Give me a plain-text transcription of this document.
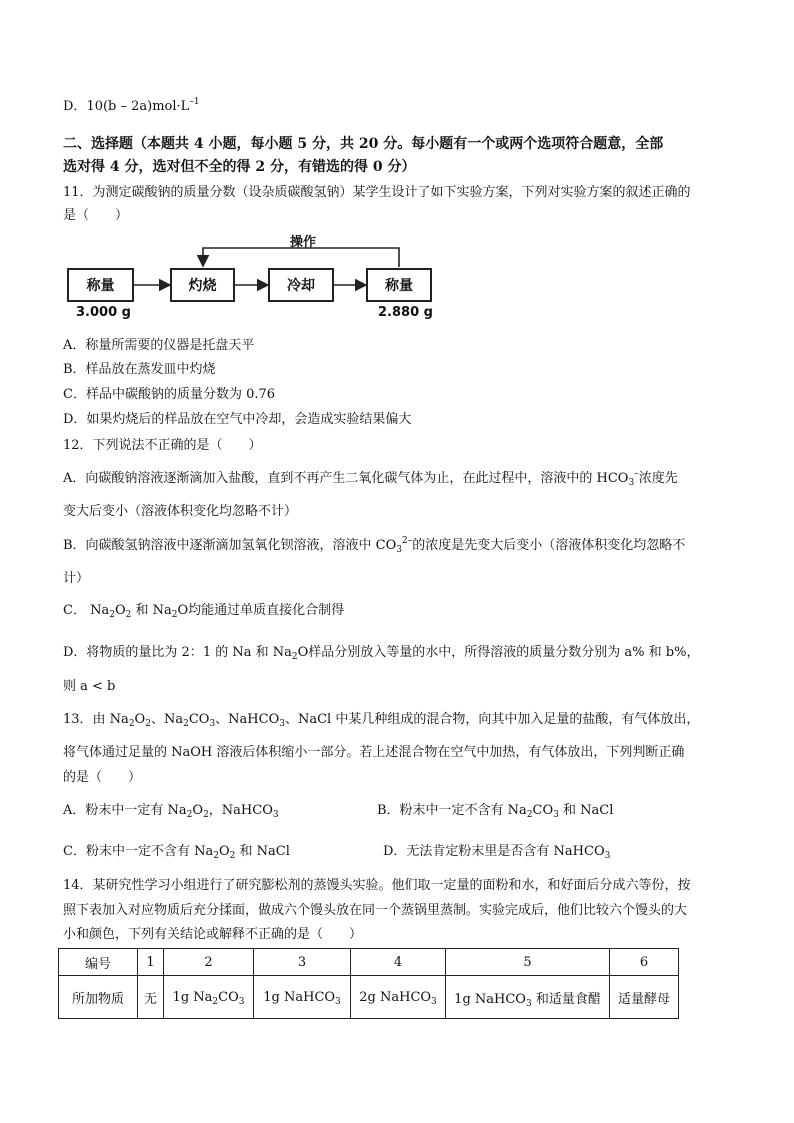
D．$10(b - 2a)mol\cdot L^{-1}$
二、选择题（本题共 4 小题，每小题 5 分，共 20 分。每小题有一个或两个选项符合题意，全部
选对得 4 分，选对但不全的得 2 分，有错选的得 0 分）
11．为测定碳酸钠的质量分数（设杂质碳酸氢钠）某学生设计了如下实验方案，下列对实验方案的叙述正确的
是（　　）
操作
称量	灼烧	冷却	称量
3.000 g	2.880 g
A．称量所需要的仪器是托盘天平
B．样品放在蒸发皿中灼烧
C．样品中碳酸钠的质量分数为 0.76
D．如果灼烧后的样品放在空气中冷却，会造成实验结果偏大
12．下列说法不正确的是（　　）
A．向碳酸钠溶液逐渐滴加入盐酸，直到不再产生二氧化碳气体为止，在此过程中，溶液中的 $HCO_3^-$浓度先
变大后变小（溶液体积变化均忽略不计）
B．向碳酸氢钠溶液中逐渐滴加氢氧化钡溶液，溶液中 $CO_3^{2-}$的浓度是先变大后变小（溶液体积变化均忽略不
计）
C． $Na_2O_2$ 和 $Na_2O$均能通过单质直接化合制得
D．将物质的量比为 2：1 的 Na 和 $Na_2O$样品分别放入等量的水中，所得溶液的质量分数分别为 a% 和 b%，
则 a < b
13．由 $Na_2O_2$、$Na_2CO_3$、NaHCO$_3$、NaCl 中某几种组成的混合物，向其中加入足量的盐酸，有气体放出，
将气体通过足量的 NaOH 溶液后体积缩小一部分。若上述混合物在空气中加热，有气体放出，下列判断正确
的是（　　）
A．粉末中一定有 $Na_2O_2$，NaHCO$_3$	B．粉末中一定不含有 $Na_2CO_3$ 和 NaCl
C．粉末中一定不含有 $Na_2O_2$ 和 NaCl	D．无法肯定粉末里是否含有 NaHCO$_3$
14．某研究性学习小组进行了研究膨松剂的蒸馒头实验。他们取一定量的面粉和水，和好面后分成六等份，按
照下表加入对应物质后充分揉面，做成六个馒头放在同一个蒸锅里蒸制。实验完成后，他们比较六个馒头的大
小和颜色，下列有关结论或解释不正确的是（　　）
编号	1	2	3	4	5	6
所加物质	无	1g $Na_2CO_3$	1g NaHCO$_3$	2g NaHCO$_3$	1g NaHCO$_3$ 和适量食醋	适量酵母
